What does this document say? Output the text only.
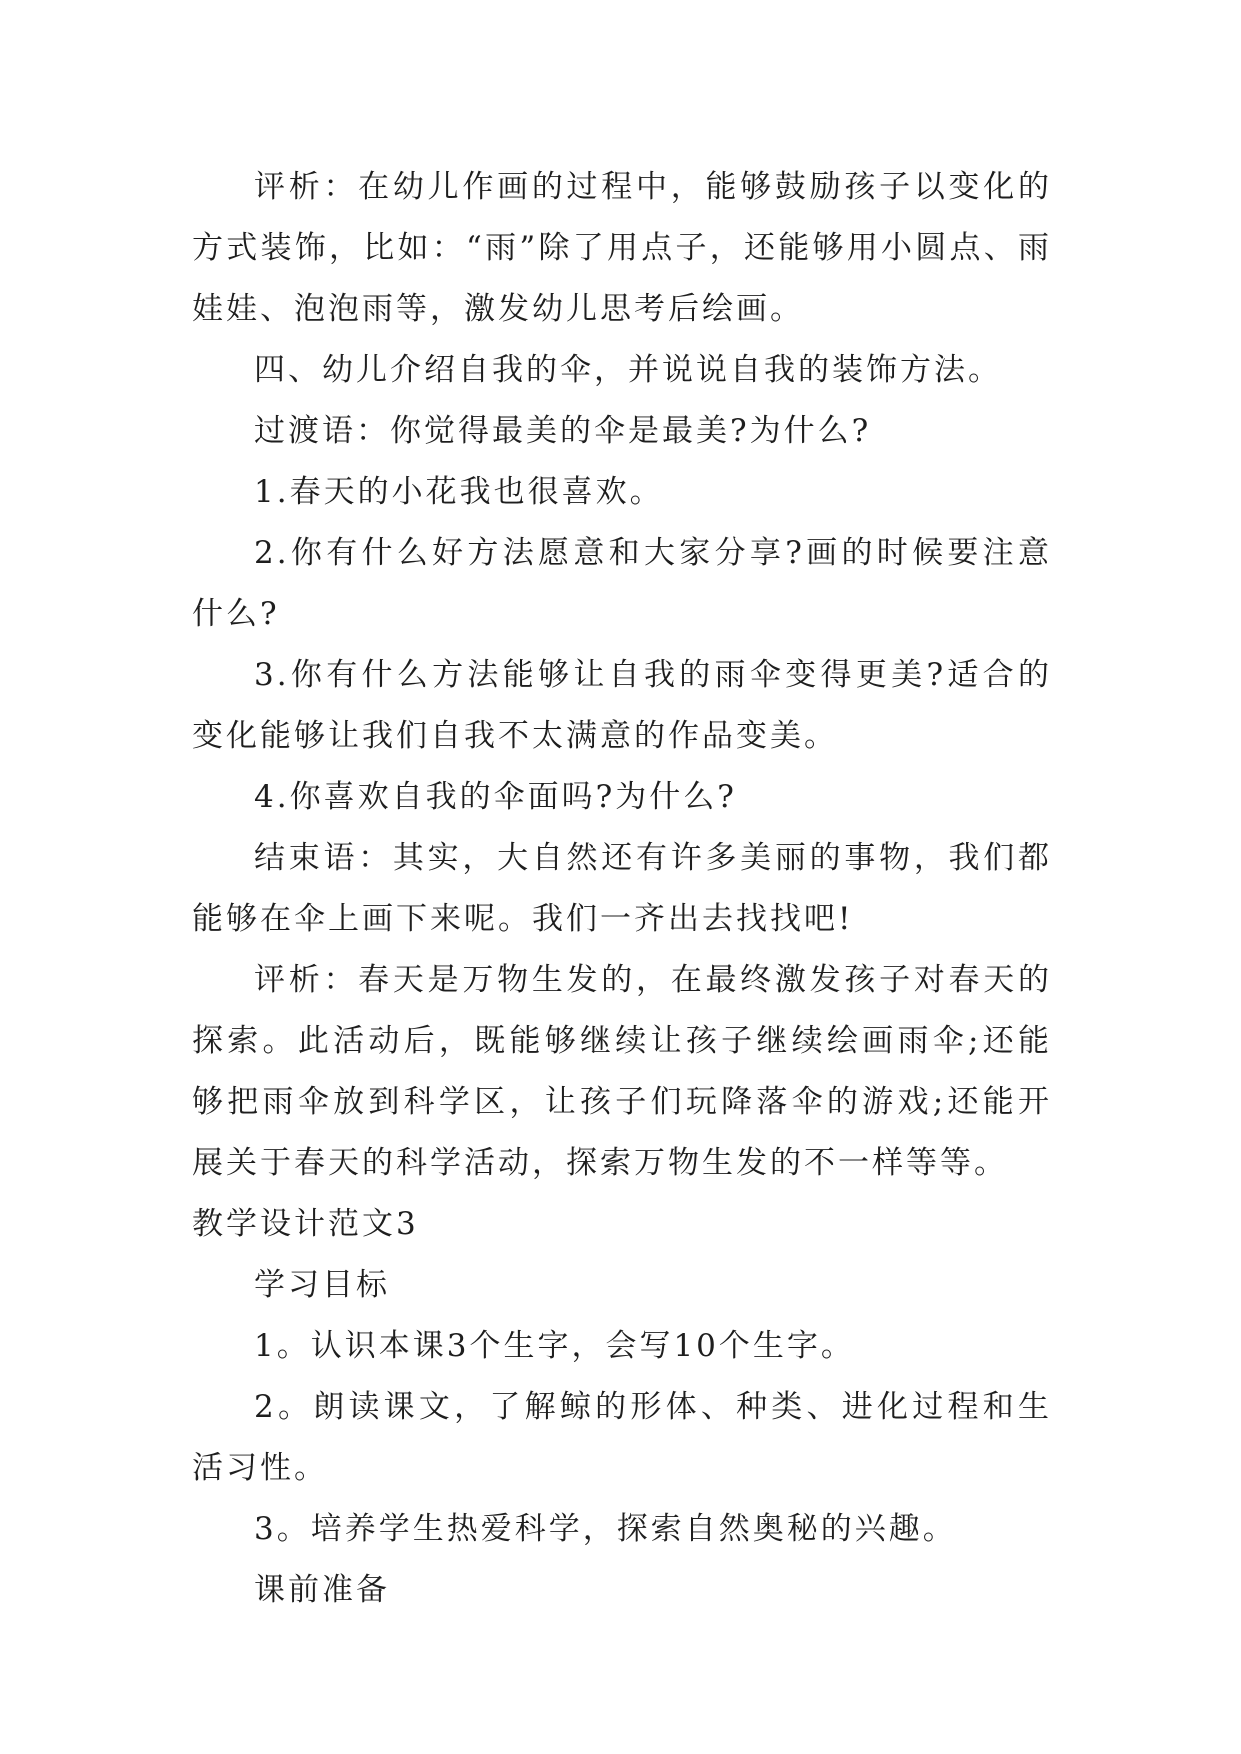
评析：在幼儿作画的过程中，能够鼓励孩子以变化的方式装饰，比如：“雨”除了用点子，还能够用小圆点、雨娃娃、泡泡雨等，激发幼儿思考后绘画。

四、幼儿介绍自我的伞，并说说自我的装饰方法。

过渡语：你觉得最美的伞是最美?为什么?

1.春天的小花我也很喜欢。

2.你有什么好方法愿意和大家分享?画的时候要注意什么?

3.你有什么方法能够让自我的雨伞变得更美?适合的变化能够让我们自我不太满意的作品变美。

4.你喜欢自我的伞面吗?为什么?

结束语：其实，大自然还有许多美丽的事物，我们都能够在伞上画下来呢。我们一齐出去找找吧!

评析：春天是万物生发的，在最终激发孩子对春天的探索。此活动后，既能够继续让孩子继续绘画雨伞;还能够把雨伞放到科学区，让孩子们玩降落伞的游戏;还能开展关于春天的科学活动，探索万物生发的不一样等等。

教学设计范文3

学习目标

1。认识本课3个生字，会写10个生字。

2。朗读课文，了解鲸的形体、种类、进化过程和生活习性。

3。培养学生热爱科学，探索自然奥秘的兴趣。

课前准备
